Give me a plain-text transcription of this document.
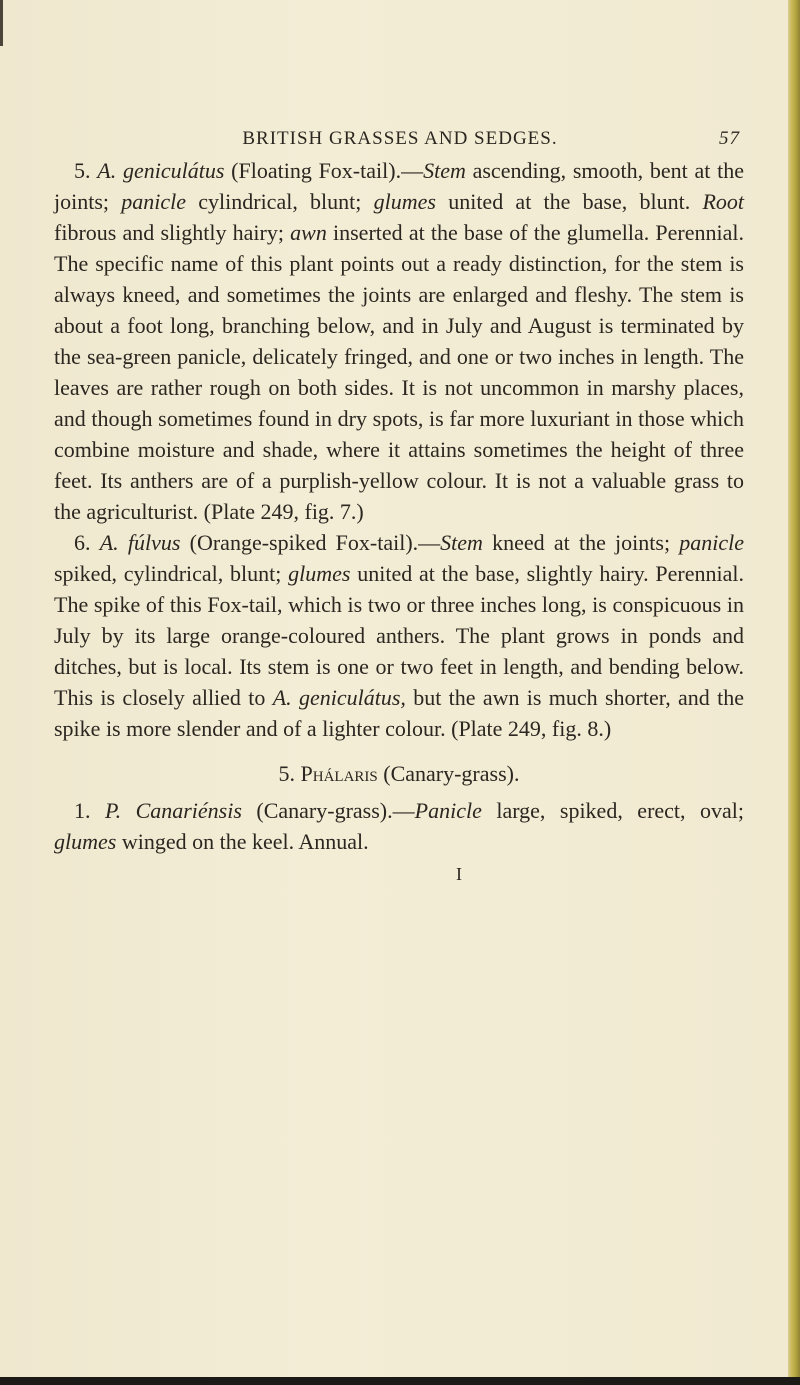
BRITISH GRASSES AND SEDGES.	57

5. A. geniculátus (Floating Fox-tail).—Stem ascending, smooth, bent at the joints; panicle cylindrical, blunt; glumes united at the base, blunt. Root fibrous and slightly hairy; awn inserted at the base of the glumella. Perennial. The specific name of this plant points out a ready distinction, for the stem is always kneed, and sometimes the joints are enlarged and fleshy. The stem is about a foot long, branching below, and in July and August is terminated by the sea-green panicle, delicately fringed, and one or two inches in length. The leaves are rather rough on both sides. It is not uncommon in marshy places, and though sometimes found in dry spots, is far more luxuriant in those which combine moisture and shade, where it attains sometimes the height of three feet. Its anthers are of a purplish-yellow colour. It is not a valuable grass to the agriculturist. (Plate 249, fig. 7.)

6. A. fúlvus (Orange-spiked Fox-tail).—Stem kneed at the joints; panicle spiked, cylindrical, blunt; glumes united at the base, slightly hairy. Perennial. The spike of this Fox-tail, which is two or three inches long, is conspicuous in July by its large orange-coloured anthers. The plant grows in ponds and ditches, but is local. Its stem is one or two feet in length, and bending below. This is closely allied to A. geniculátus, but the awn is much shorter, and the spike is more slender and of a lighter colour. (Plate 249, fig. 8.)

5. Phálaris (Canary-grass).

1. P. Canariénsis (Canary-grass).—Panicle large, spiked, erect, oval; glumes winged on the keel. Annual.

I
